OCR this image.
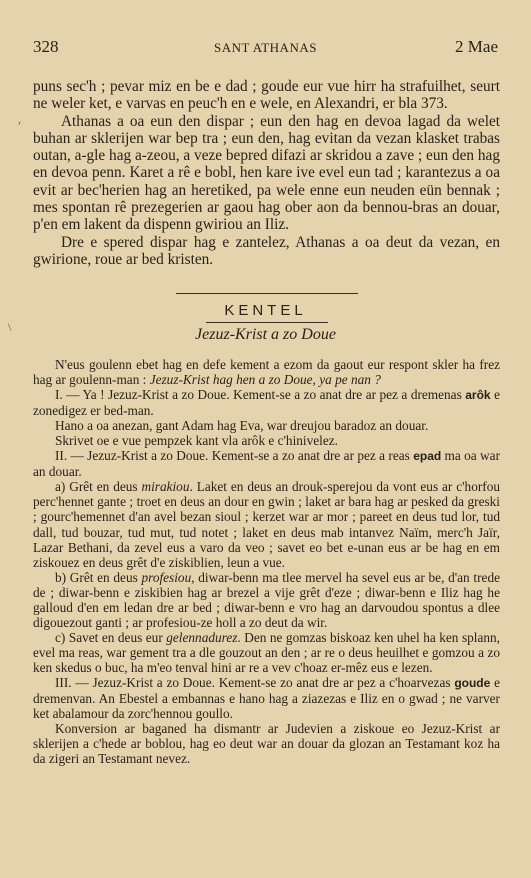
328	SANT ATHANAS	2 Mae

puns sec'h ; pevar miz en be e dad ; goude eur vue hirr ha strafuilhet, seurt ne weler ket, e varvas en peuc'h en e wele, en Alexandri, er bla 373.

Athanas a oa eun den dispar ; eun den hag en devoa lagad da welet buhan ar sklerijen war bep tra ; eun den, hag evitan da vezan klasket trabas outan, a-gle hag a-zeou, a veze bepred difazi ar skridou a zave ; eun den hag en devoa penn. Karet a rê e bobl, hen kare ive evel eun tad ; karantezus a oa evit ar bec'herien hag an heretiked, pa wele enne eun neuden eün bennak ; mes spontan rê prezegerien ar gaou hag ober aon da bennou-bras an douar, p'en em lakent da dispenn gwiriou an Iliz.

Dre e spered dispar hag e zantelez, Athanas a oa deut da vezan, en gwirione, roue ar bed kristen.

KENTEL
Jezuz-Krist a zo Doue

N'eus goulenn ebet hag en defe kement a ezom da gaout eur respont skler ha frez hag ar goulenn-man : Jezuz-Krist hag hen a zo Doue, ya pe nan ?

I. — Ya ! Jezuz-Krist a zo Doue. Kement-se a zo anat dre ar pez a dremenas arôk e zonedigez er bed-man.

Hano a oa anezan, gant Adam hag Eva, war dreujou baradoz an douar.

Skrivet oe e vue pempzek kant vla arôk e c'hinivelez.

II. — Jezuz-Krist a zo Doue. Kement-se a zo anat dre ar pez a reas epad ma oa war an douar.

a) Grêt en deus mirakiou. Laket en deus an drouk-sperejou da vont eus ar c'horfou perc'hennet gante ; troet en deus an dour en gwin ; laket ar bara hag ar pesked da greski ; gourc'hemennet d'an avel bezan sioul ; kerzet war ar mor ; pareet en deus tud lor, tud dall, tud bouzar, tud mut, tud notet ; laket en deus mab intanvez Naïm, merc'h Jaïr, Lazar Bethani, da zevel eus a varo da veo ; savet eo bet e-unan eus ar be hag en em ziskouez en deus grêt d'e ziskiblien, leun a vue.

b) Grêt en deus profesiou, diwar-benn ma tlee mervel ha sevel eus ar be, d'an trede de ; diwar-benn e ziskibien hag ar brezel a vije grêt d'eze ; diwar-benn e Iliz hag he galloud d'en em ledan dre ar bed ; diwar-benn e vro hag an darvoudou spontus a dlee digouezout ganti ; ar profesiou-ze holl a zo deut da wir.

c) Savet en deus eur gelennadurez. Den ne gomzas biskoaz ken uhel ha ken splann, evel ma reas, war gement tra a dle gouzout an den ; ar re o deus heuilhet e gomzou a zo ken skedus o buc, ha m'eo tenval hini ar re a vev c'hoaz er-mêz eus e lezen.

III. — Jezuz-Krist a zo Doue. Kement-se zo anat dre ar pez a c'hoarvezas goude e dremenvan. An Ebestel a embannas e hano hag a ziazezas e Iliz en o gwad ; ne varver ket abalamour da zorc'hennou goullo.

Konversion ar baganed ha dismantr ar Judevien a ziskoue eo Jezuz-Krist ar sklerijen a c'hede ar boblou, hag eo deut war an douar da glozan an Testamant koz ha da zigeri an Testamant nevez.

,
\
